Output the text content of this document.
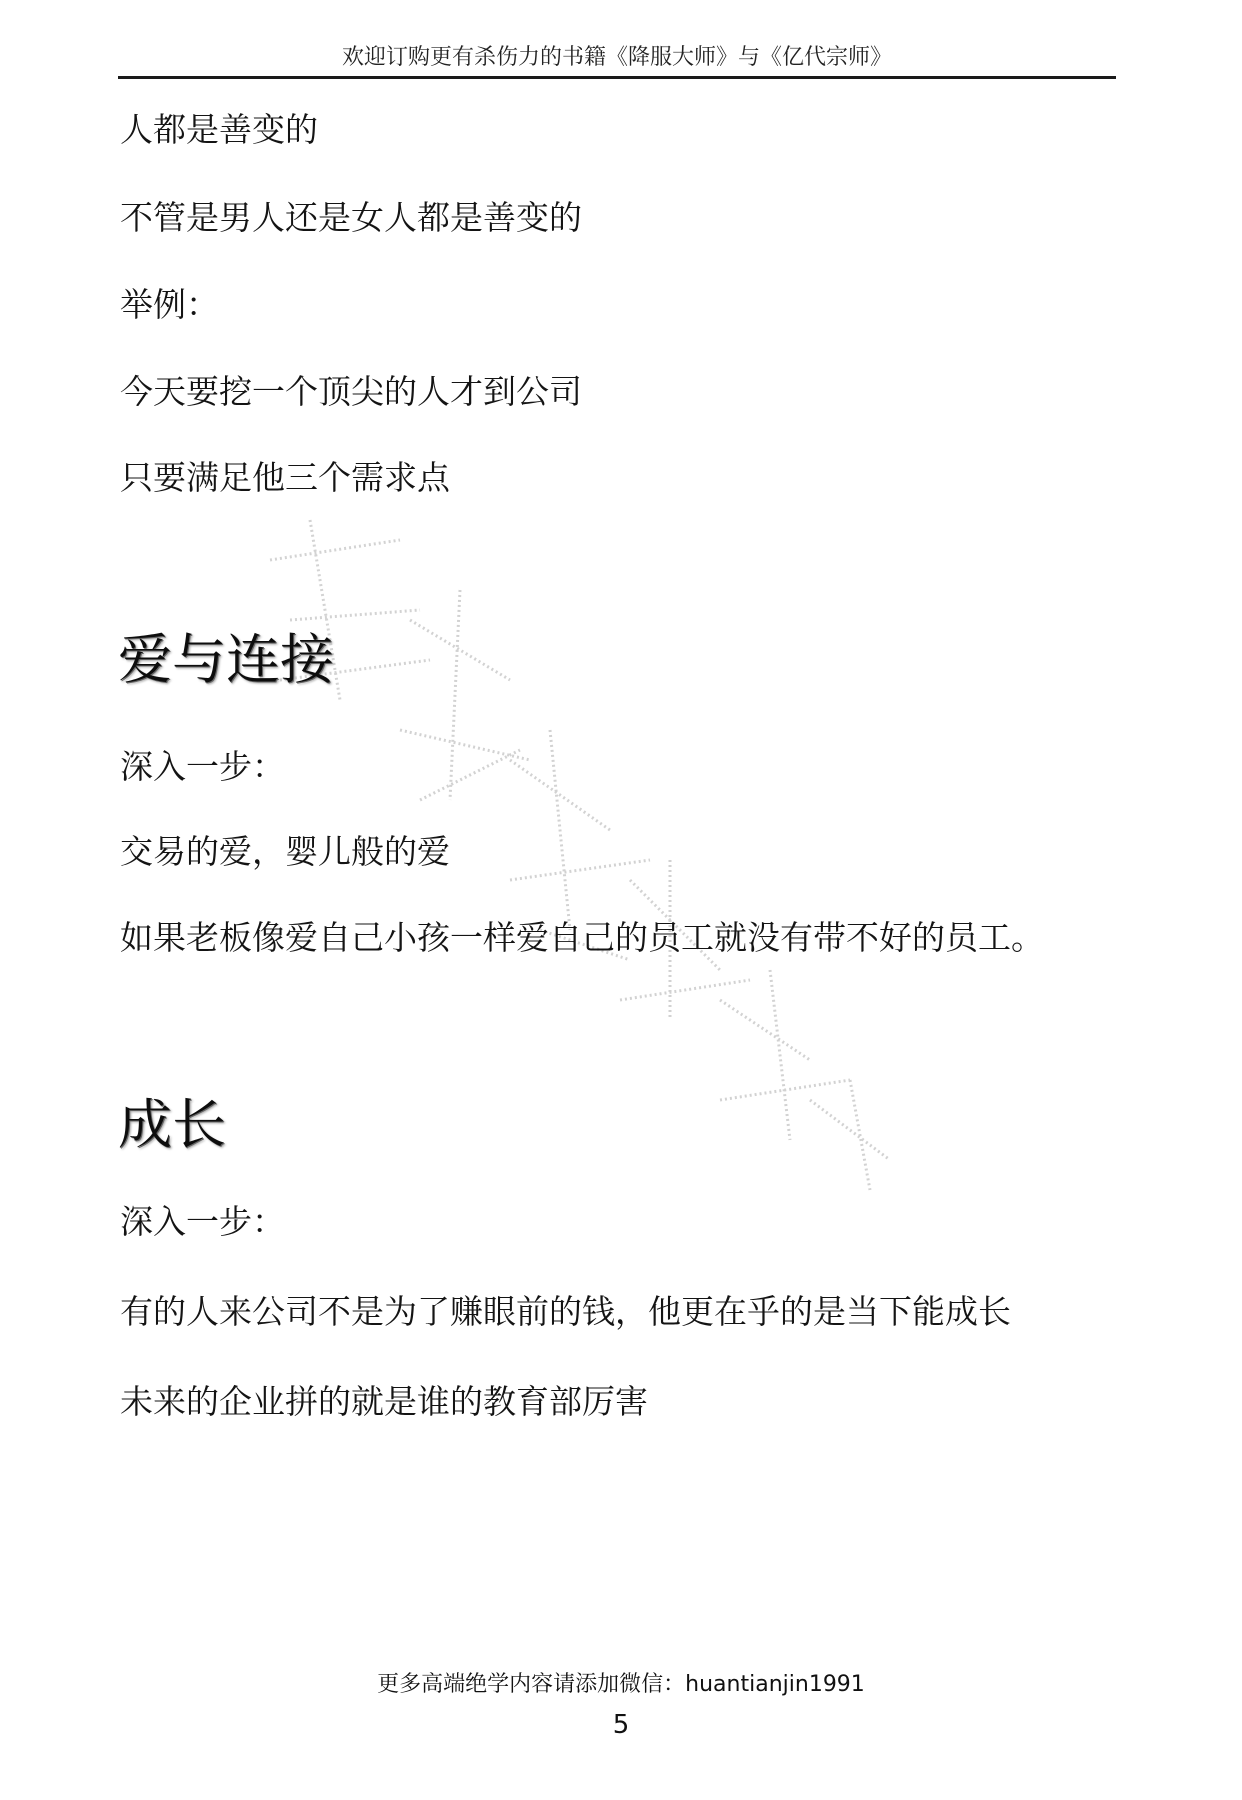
欢迎订购更有杀伤力的书籍《降服大师》与《亿代宗师》
人都是善变的
不管是男人还是女人都是善变的
举例：
今天要挖一个顶尖的人才到公司
只要满足他三个需求点
爱与连接
深入一步：
交易的爱，婴儿般的爱
如果老板像爱自己小孩一样爱自己的员工就没有带不好的员工。
成长
深入一步：
有的人来公司不是为了赚眼前的钱，他更在乎的是当下能成长
未来的企业拼的就是谁的教育部厉害
更多高端绝学内容请添加微信：huantianjin1991
5
